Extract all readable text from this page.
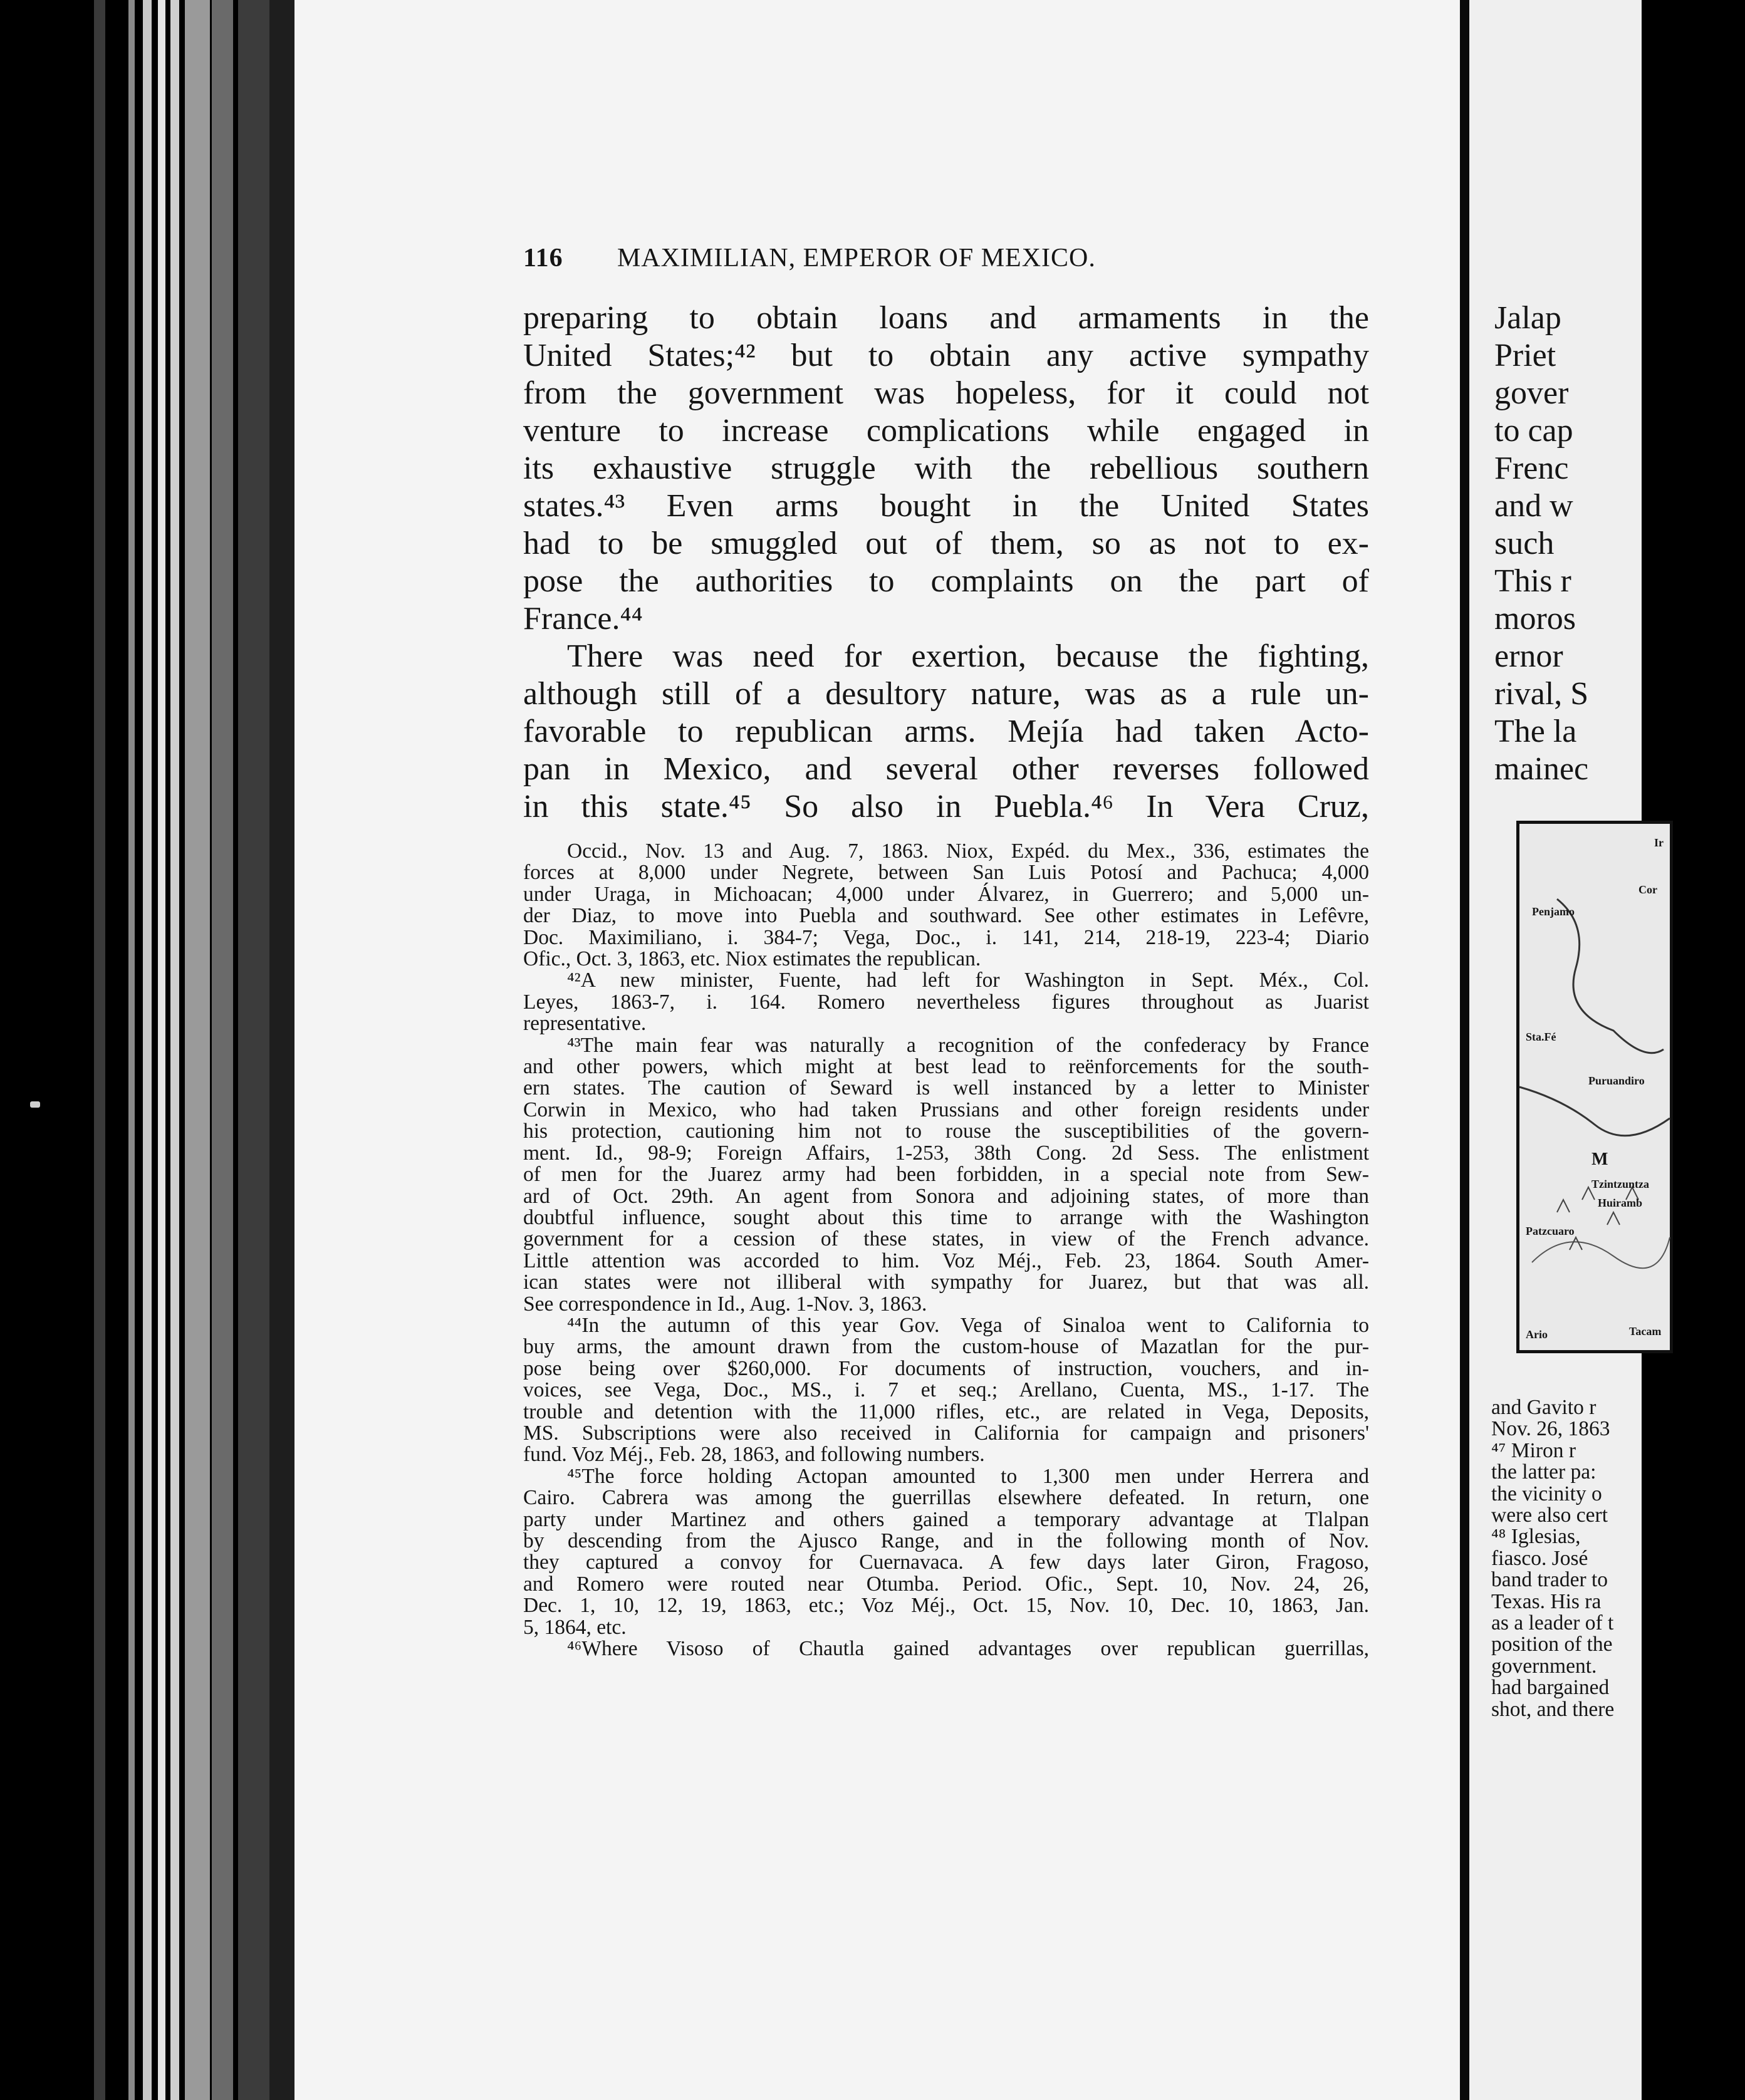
116 MAXIMILIAN, EMPEROR OF MEXICO.
preparing to obtain loans and armaments in the
United States;⁴² but to obtain any active sympathy
from the government was hopeless, for it could not
venture to increase complications while engaged in
its exhaustive struggle with the rebellious southern
states.⁴³ Even arms bought in the United States
had to be smuggled out of them, so as not to ex-
pose the authorities to complaints on the part of
France.⁴⁴
There was need for exertion, because the fighting,
although still of a desultory nature, was as a rule un-
favorable to republican arms. Mejía had taken Acto-
pan in Mexico, and several other reverses followed
in this state.⁴⁵ So also in Puebla.⁴⁶ In Vera Cruz,
Occid., Nov. 13 and Aug. 7, 1863. Niox, Expéd. du Mex., 336, estimates the
forces at 8,000 under Negrete, between San Luis Potosí and Pachuca; 4,000
under Uraga, in Michoacan; 4,000 under Álvarez, in Guerrero; and 5,000 un-
der Diaz, to move into Puebla and southward. See other estimates in Lefêvre,
Doc. Maximiliano, i. 384-7; Vega, Doc., i. 141, 214, 218-19, 223-4; Diario
Ofic., Oct. 3, 1863, etc. Niox estimates the republican.
⁴²A new minister, Fuente, had left for Washington in Sept. Méx., Col.
Leyes, 1863-7, i. 164. Romero nevertheless figures throughout as Juarist
representative.
⁴³The main fear was naturally a recognition of the confederacy by France
and other powers, which might at best lead to reënforcements for the south-
ern states. The caution of Seward is well instanced by a letter to Minister
Corwin in Mexico, who had taken Prussians and other foreign residents under
his protection, cautioning him not to rouse the susceptibilities of the govern-
ment. Id., 98-9; Foreign Affairs, 1-253, 38th Cong. 2d Sess. The enlistment
of men for the Juarez army had been forbidden, in a special note from Sew-
ard of Oct. 29th. An agent from Sonora and adjoining states, of more than
doubtful influence, sought about this time to arrange with the Washington
government for a cession of these states, in view of the French advance.
Little attention was accorded to him. Voz Méj., Feb. 23, 1864. South Amer-
ican states were not illiberal with sympathy for Juarez, but that was all.
See correspondence in Id., Aug. 1-Nov. 3, 1863.
⁴⁴In the autumn of this year Gov. Vega of Sinaloa went to California to
buy arms, the amount drawn from the custom-house of Mazatlan for the pur-
pose being over $260,000. For documents of instruction, vouchers, and in-
voices, see Vega, Doc., MS., i. 7 et seq.; Arellano, Cuenta, MS., 1-17. The
trouble and detention with the 11,000 rifles, etc., are related in Vega, Deposits,
MS. Subscriptions were also received in California for campaign and prisoners'
fund. Voz Méj., Feb. 28, 1863, and following numbers.
⁴⁵The force holding Actopan amounted to 1,300 men under Herrera and
Cairo. Cabrera was among the guerrillas elsewhere defeated. In return, one
party under Martinez and others gained a temporary advantage at Tlalpan
by descending from the Ajusco Range, and in the following month of Nov.
they captured a convoy for Cuernavaca. A few days later Giron, Fragoso,
and Romero were routed near Otumba. Period. Ofic., Sept. 10, Nov. 24, 26,
Dec. 1, 10, 12, 19, 1863, etc.; Voz Méj., Oct. 15, Nov. 10, Dec. 10, 1863, Jan.
5, 1864, etc.
⁴⁶Where Visoso of Chautla gained advantages over republican guerrillas,
Jalap
Priet
gover
to cap
Frenc
and w
such
This r
moros
ernor
rival, S
The la
mainec
Ir
Cor
Penjamo
Sta.Fé
Puruandiro
M
Tzintzuntza
Huiramb
Patzcuaro
Ario	Tacam
and Gavito r
Nov. 26, 1863
⁴⁷ Miron r
the latter pa:
the vicinity o
were also cert
⁴⁸ Iglesias,
fiasco. José
band trader to
Texas. His ra
as a leader of t
position of the
government.
had bargained
shot, and there
